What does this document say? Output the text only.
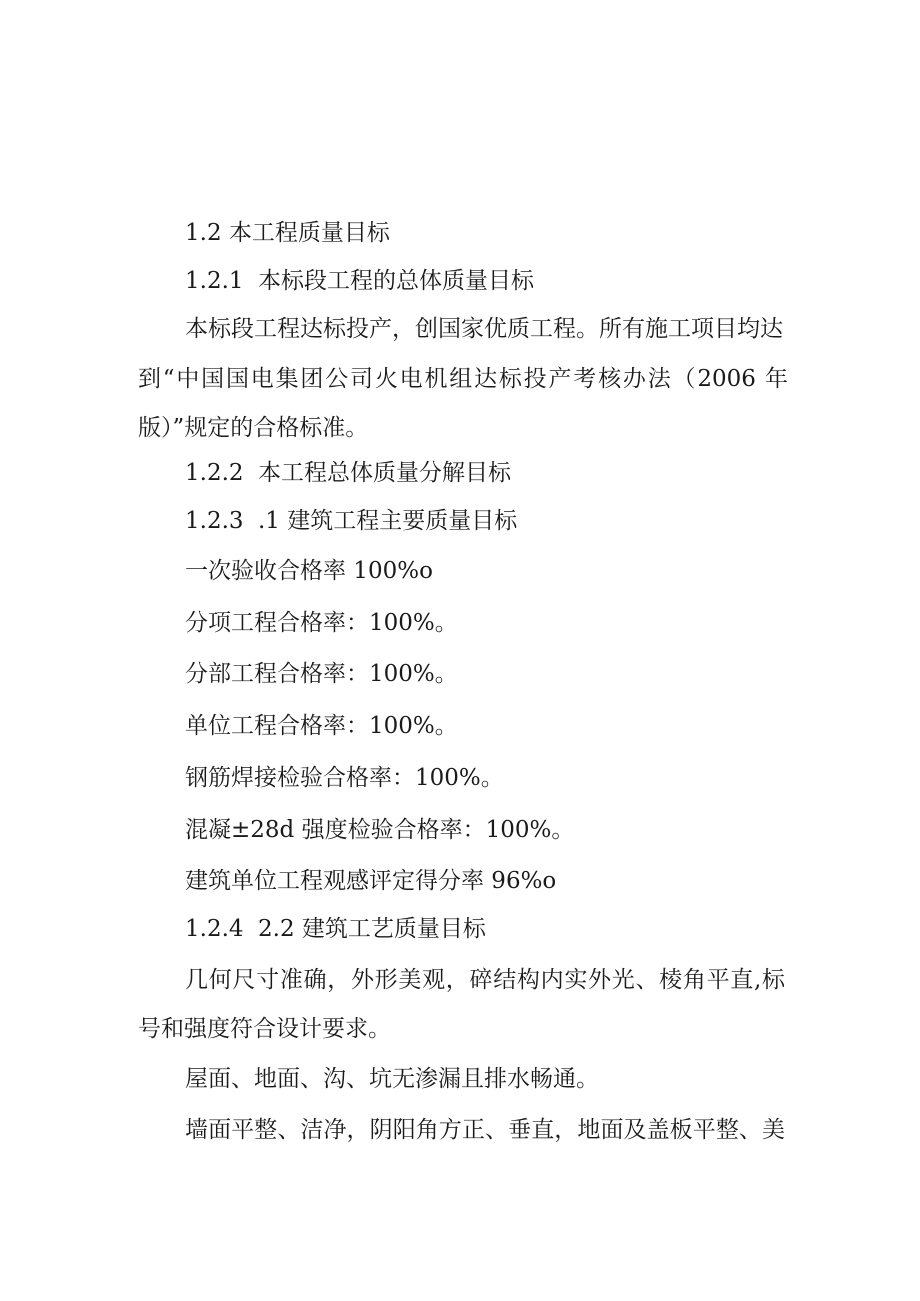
1.2 本工程质量目标
1.2.1 本标段工程的总体质量目标
本标段工程达标投产，创国家优质工程。所有施工项目均达
到“中国国电集团公司火电机组达标投产考核办法（2006 年
版）”规定的合格标准。
1.2.2 本工程总体质量分解目标
1.2.3 .1 建筑工程主要质量目标
一次验收合格率 100%o
分项工程合格率：100%。
分部工程合格率：100%。
单位工程合格率：100%。
钢筋焊接检验合格率：100%。
混凝±28d 强度检验合格率：100%。
建筑单位工程观感评定得分率 96%o
1.2.4 2.2 建筑工艺质量目标
几何尺寸准确，外形美观，碎结构内实外光、棱角平直,标
号和强度符合设计要求。
屋面、地面、沟、坑无渗漏且排水畅通。
墙面平整、洁净，阴阳角方正、垂直，地面及盖板平整、美
